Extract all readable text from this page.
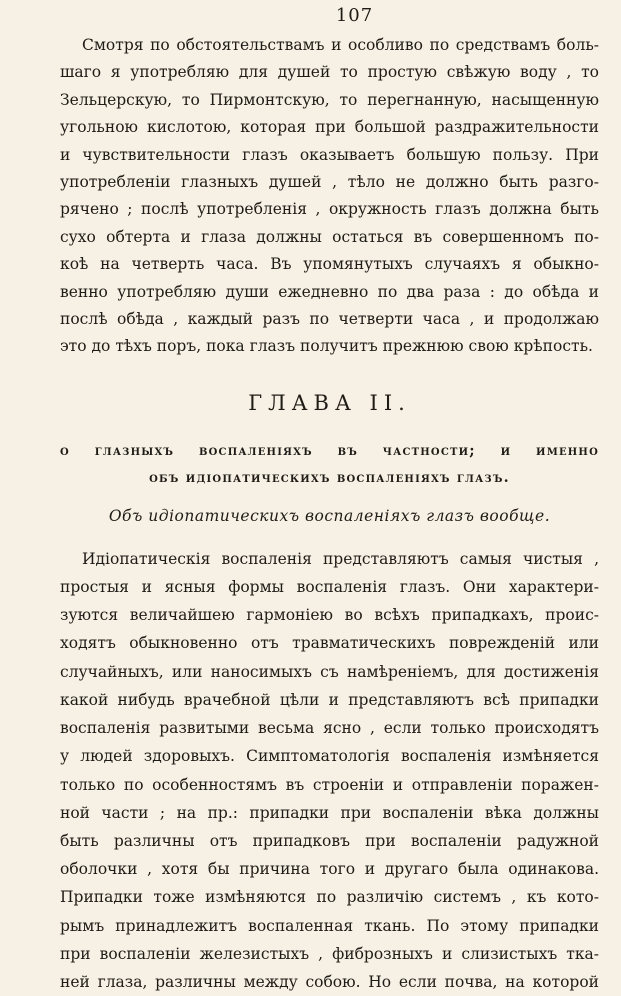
107

Смотря по обстоятельствамъ и особливо по средствамъ боль-

шаго я употребляю для душей то простую свѣжую воду , то

Зельцерскую, то Пирмонтскую, то перегнанную, насыщенную

угольною кислотою, которая при большой раздражительности

и чувствительности глазъ оказываетъ большую пользу. При

употребленіи глазныхъ душей , тѣло не должно быть разго-

рячено ; послѣ употребленія , окружность глазъ должна быть

сухо обтерта и глаза должны остаться въ совершенномъ по-

коѣ на четверть часа. Въ упомянутыхъ случаяхъ я обыкно-

венно употребляю души ежедневно по два раза : до обѣда и

послѣ обѣда , каждый разъ по четверти часа , и продолжаю

это до тѣхъ поръ, пока глазъ получитъ прежнюю свою крѣпость.

ГЛАВА II.
о глазныхъ воспаленіяхъ въ частности; и именно
объ идіопатическихъ воспаленіяхъ глазъ.
Объ идіопатическихъ воспаленіяхъ глазъ вообще.

Идіопатическія воспаленія представляютъ самыя чистыя ,

простыя и ясныя формы воспаленія глазъ. Они характери-

зуются величайшею гармоніею во всѣхъ припадкахъ, проис-

ходятъ обыкновенно отъ травматическихъ поврежденій или

случайныхъ, или наносимыхъ съ намѣреніемъ, для достиженія

какой нибудь врачебной цѣли и представляютъ всѣ припадки

воспаленія развитыми весьма ясно , если только происходятъ

у людей здоровыхъ. Симптоматологія воспаленія измѣняется

только по особенностямъ въ строеніи и отправленіи поражен-

ной части ; на пр.: припадки при воспаленіи вѣка должны

быть различны отъ припадковъ при воспаленіи радужной

оболочки , хотя бы причина того и другаго была одинакова.

Припадки тоже измѣняются по различію системъ , къ кото-

рымъ принадлежитъ воспаленная ткань. По этому припадки

при воспаленіи железистыхъ , фиброзныхъ и слизистыхъ тка-

ней глаза, различны между собою. Но если почва, на которой
